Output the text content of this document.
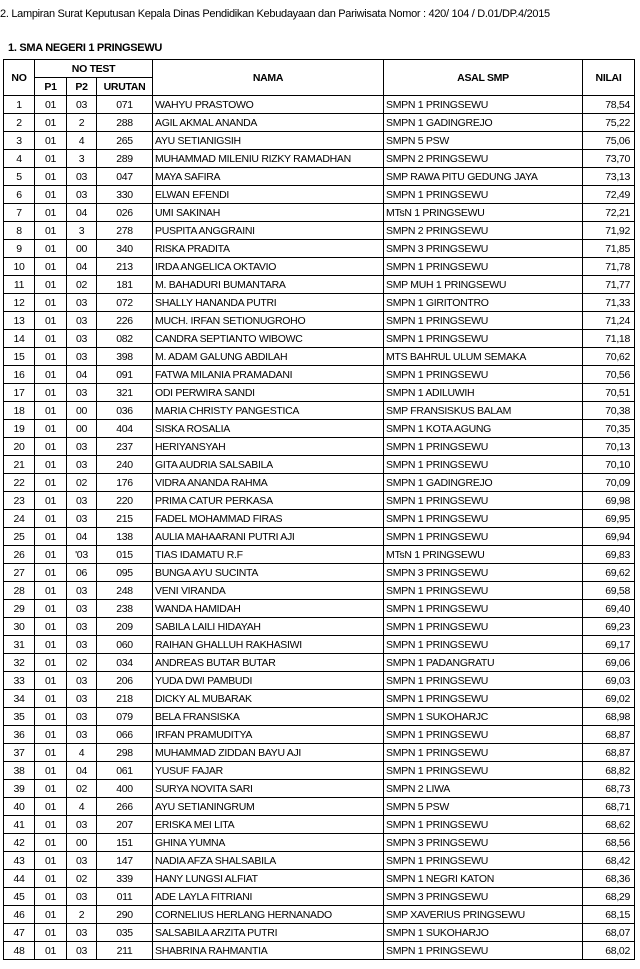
2. Lampiran Surat Keputusan Kepala Dinas Pendidikan Kebudayaan dan Pariwisata Nomor : 420/ 104 / D.01/DP.4/2015
1. SMA NEGERI 1 PRINGSEWU
NO	NO TEST			NAMA	ASAL SMP	NILAI
	P1	P2	URUTAN			
1	01	03	071	WAHYU PRASTOWO	SMPN 1 PRINGSEWU	78,54
2	01	2	288	AGIL AKMAL ANANDA	SMPN 1 GADINGREJO	75,22
3	01	4	265	AYU SETIANIGSIH	SMPN 5 PSW	75,06
4	01	3	289	MUHAMMAD MILENIU RIZKY RAMADHAN	SMPN 2 PRINGSEWU	73,70
5	01	03	047	MAYA SAFIRA	SMP RAWA PITU GEDUNG JAYA	73,13
6	01	03	330	ELWAN EFENDI	SMPN 1 PRINGSEWU	72,49
7	01	04	026	UMI SAKINAH	MTsN 1 PRINGSEWU	72,21
8	01	3	278	PUSPITA ANGGRAINI	SMPN 2 PRINGSEWU	71,92
9	01	00	340	RISKA PRADITA	SMPN 3 PRINGSEWU	71,85
10	01	04	213	IRDA ANGELICA OKTAVIO	SMPN 1 PRINGSEWU	71,78
11	01	02	181	M. BAHADURI BUMANTARA	SMP MUH 1 PRINGSEWU	71,77
12	01	03	072	SHALLY HANANDA PUTRI	SMPN 1 GIRITONTRO	71,33
13	01	03	226	MUCH. IRFAN SETIONUGROHO	SMPN 1 PRINGSEWU	71,24
14	01	03	082	CANDRA SEPTIANTO WIBOWC	SMPN 1 PRINGSEWU	71,18
15	01	03	398	M. ADAM GALUNG ABDILAH	MTS BAHRUL ULUM SEMAKA	70,62
16	01	04	091	FATWA MILANIA PRAMADANI	SMPN 1 PRINGSEWU	70,56
17	01	03	321	ODI PERWIRA SANDI	SMPN 1 ADILUWIH	70,51
18	01	00	036	MARIA CHRISTY PANGESTICA	SMP FRANSISKUS BALAM	70,38
19	01	00	404	SISKA ROSALIA	SMPN 1 KOTA AGUNG	70,35
20	01	03	237	HERIYANSYAH	SMPN 1 PRINGSEWU	70,13
21	01	03	240	GITA AUDRIA SALSABILA	SMPN 1 PRINGSEWU	70,10
22	01	02	176	VIDRA ANANDA RAHMA	SMPN 1 GADINGREJO	70,09
23	01	03	220	PRIMA CATUR PERKASA	SMPN 1 PRINGSEWU	69,98
24	01	03	215	FADEL MOHAMMAD FIRAS	SMPN 1 PRINGSEWU	69,95
25	01	04	138	AULIA MAHAARANI PUTRI AJI	SMPN 1 PRINGSEWU	69,94
26	01	'03	015	TIAS IDAMATU R.F	MTsN 1 PRINGSEWU	69,83
27	01	06	095	BUNGA AYU SUCINTA	SMPN 3 PRINGSEWU	69,62
28	01	03	248	VENI VIRANDA	SMPN 1 PRINGSEWU	69,58
29	01	03	238	WANDA HAMIDAH	SMPN 1 PRINGSEWU	69,40
30	01	03	209	SABILA LAILI HIDAYAH	SMPN 1 PRINGSEWU	69,23
31	01	03	060	RAIHAN GHALLUH RAKHASIWI	SMPN 1 PRINGSEWU	69,17
32	01	02	034	ANDREAS BUTAR BUTAR	SMPN 1 PADANGRATU	69,06
33	01	03	206	YUDA DWI PAMBUDI	SMPN 1 PRINGSEWU	69,03
34	01	03	218	DICKY AL MUBARAK	SMPN 1 PRINGSEWU	69,02
35	01	03	079	BELA FRANSISKA	SMPN 1 SUKOHARJC	68,98
36	01	03	066	IRFAN PRAMUDITYA	SMPN 1 PRINGSEWU	68,87
37	01	4	298	MUHAMMAD ZIDDAN BAYU AJI	SMPN 1 PRINGSEWU	68,87
38	01	04	061	YUSUF FAJAR	SMPN 1 PRINGSEWU	68,82
39	01	02	400	SURYA NOVITA SARI	SMPN 2 LIWA	68,73
40	01	4	266	AYU SETIANINGRUM	SMPN 5 PSW	68,71
41	01	03	207	ERISKA MEI LITA	SMPN 1 PRINGSEWU	68,62
42	01	00	151	GHINA YUMNA	SMPN 3 PRINGSEWU	68,56
43	01	03	147	NADIA AFZA SHALSABILA	SMPN 1 PRINGSEWU	68,42
44	01	02	339	HANY LUNGSI ALFIAT	SMPN 1 NEGRI KATON	68,36
45	01	03	011	ADE LAYLA FITRIANI	SMPN 3 PRINGSEWU	68,29
46	01	2	290	CORNELIUS HERLANG HERNANADO	SMP XAVERIUS PRINGSEWU	68,15
47	01	03	035	SALSABILA ARZITA PUTRI	SMPN 1 SUKOHARJO	68,07
48	01	03	211	SHABRINA RAHMANTIA	SMPN 1 PRINGSEWU	68,02
